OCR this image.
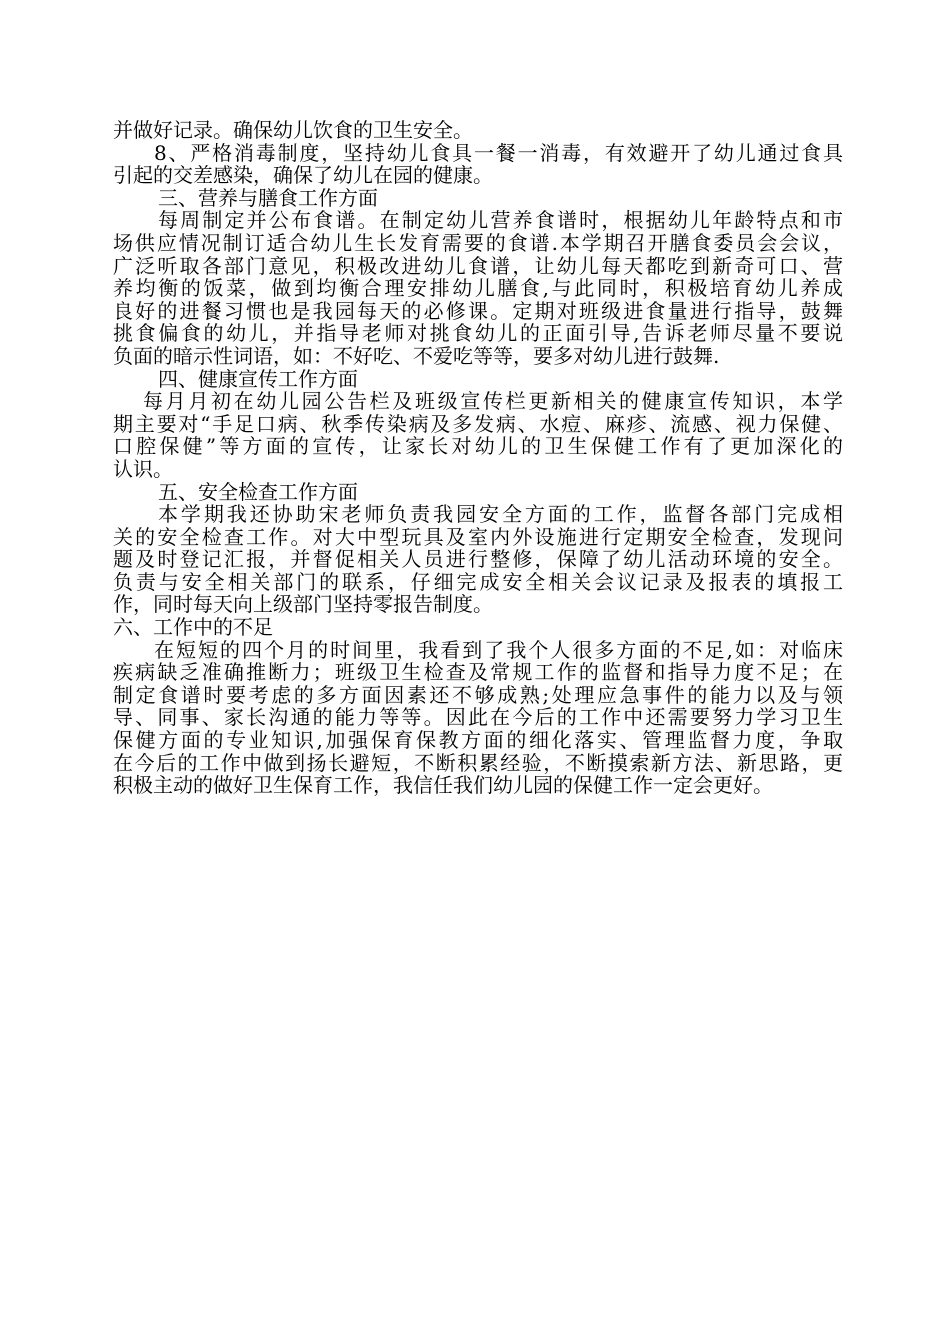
并做好记录。确保幼儿饮食的卫生安全。
8、严格消毒制度，坚持幼儿食具一餐一消毒，有效避开了幼儿通过食具
引起的交差感染，确保了幼儿在园的健康。
三、营养与膳食工作方面
每周制定并公布食谱。在制定幼儿营养食谱时，根据幼儿年龄特点和市
场供应情况制订适合幼儿生长发育需要的食谱.本学期召开膳食委员会会议，
广泛听取各部门意见，积极改进幼儿食谱，让幼儿每天都吃到新奇可口、营
养均衡的饭菜，做到均衡合理安排幼儿膳食,与此同时，积极培育幼儿养成
良好的进餐习惯也是我园每天的必修课。定期对班级进食量进行指导，鼓舞
挑食偏食的幼儿，并指导老师对挑食幼儿的正面引导,告诉老师尽量不要说
负面的暗示性词语，如：不好吃、不爱吃等等，要多对幼儿进行鼓舞.
四、健康宣传工作方面
每月月初在幼儿园公告栏及班级宣传栏更新相关的健康宣传知识，本学
期主要对“手足口病、秋季传染病及多发病、水痘、麻疹、流感、视力保健、
口腔保健”等方面的宣传，让家长对幼儿的卫生保健工作有了更加深化的
认识。
五、安全检查工作方面
本学期我还协助宋老师负责我园安全方面的工作，监督各部门完成相
关的安全检查工作。对大中型玩具及室内外设施进行定期安全检查，发现问
题及时登记汇报，并督促相关人员进行整修，保障了幼儿活动环境的安全。
负责与安全相关部门的联系，仔细完成安全相关会议记录及报表的填报工
作，同时每天向上级部门坚持零报告制度。
六、工作中的不足
在短短的四个月的时间里，我看到了我个人很多方面的不足,如：对临床
疾病缺乏准确推断力；班级卫生检查及常规工作的监督和指导力度不足；在
制定食谱时要考虑的多方面因素还不够成熟;处理应急事件的能力以及与领
导、同事、家长沟通的能力等等。因此在今后的工作中还需要努力学习卫生
保健方面的专业知识,加强保育保教方面的细化落实、管理监督力度，争取
在今后的工作中做到扬长避短，不断积累经验，不断摸索新方法、新思路，更
积极主动的做好卫生保育工作，我信任我们幼儿园的保健工作一定会更好。
